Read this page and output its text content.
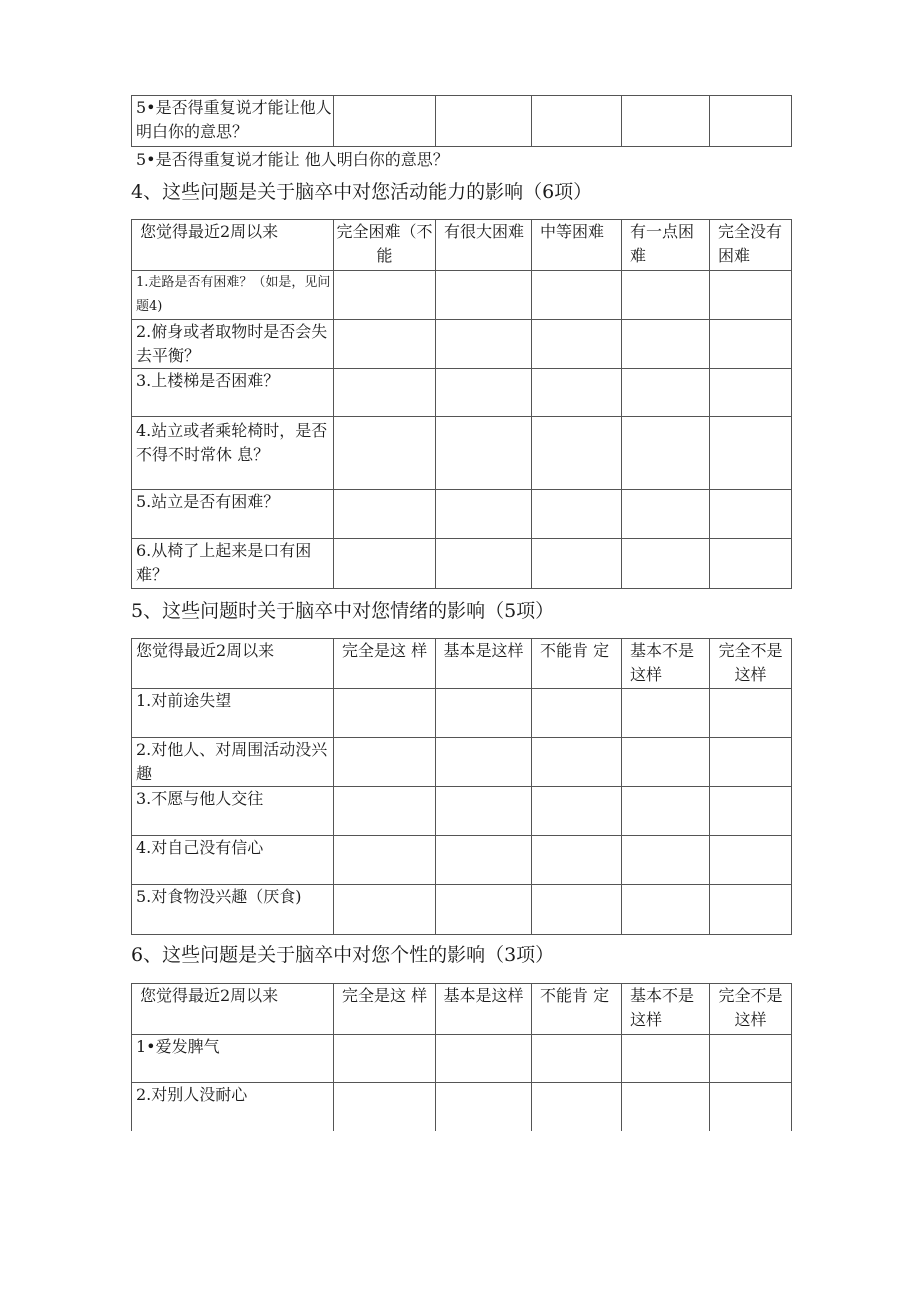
5•是否得重复说才能让他人明白你的意思？					
5•是否得重复说才能让 他人明白你的意思？
4、这些问题是关于脑卒中对您活动能力的影响（6项）
您觉得最近2周以来	完全困难（不能	有很大困难	中等困难	有一点困难	完全没有困难
1.走路是否有困难？（如是，见问题4)					
2.俯身或者取物时是否会失去平衡？					
3.上楼梯是否困难？					
4.站立或者乘轮椅时，是否不得不时常休 息？					
5.站立是否有困难？					
6.从椅了上起来是口有困难？					
5、这些问题时关于脑卒中对您情绪的影响（5项）
您觉得最近2周以来	完全是这 样	基本是这样	不能肯 定	基本不是这样	完全不是这样
1.对前途失望					
2.对他人、对周围活动没兴趣					
3.不愿与他人交往					
4.对自己没有信心					
5.对食物没兴趣（厌食)					
6、这些问题是关于脑卒中对您个性的影响（3项）
您觉得最近2周以来	完全是这 样	基本是这样	不能肯 定	基本不是这样	完全不是这样
1•爱发脾气					
2.对别人没耐心					
